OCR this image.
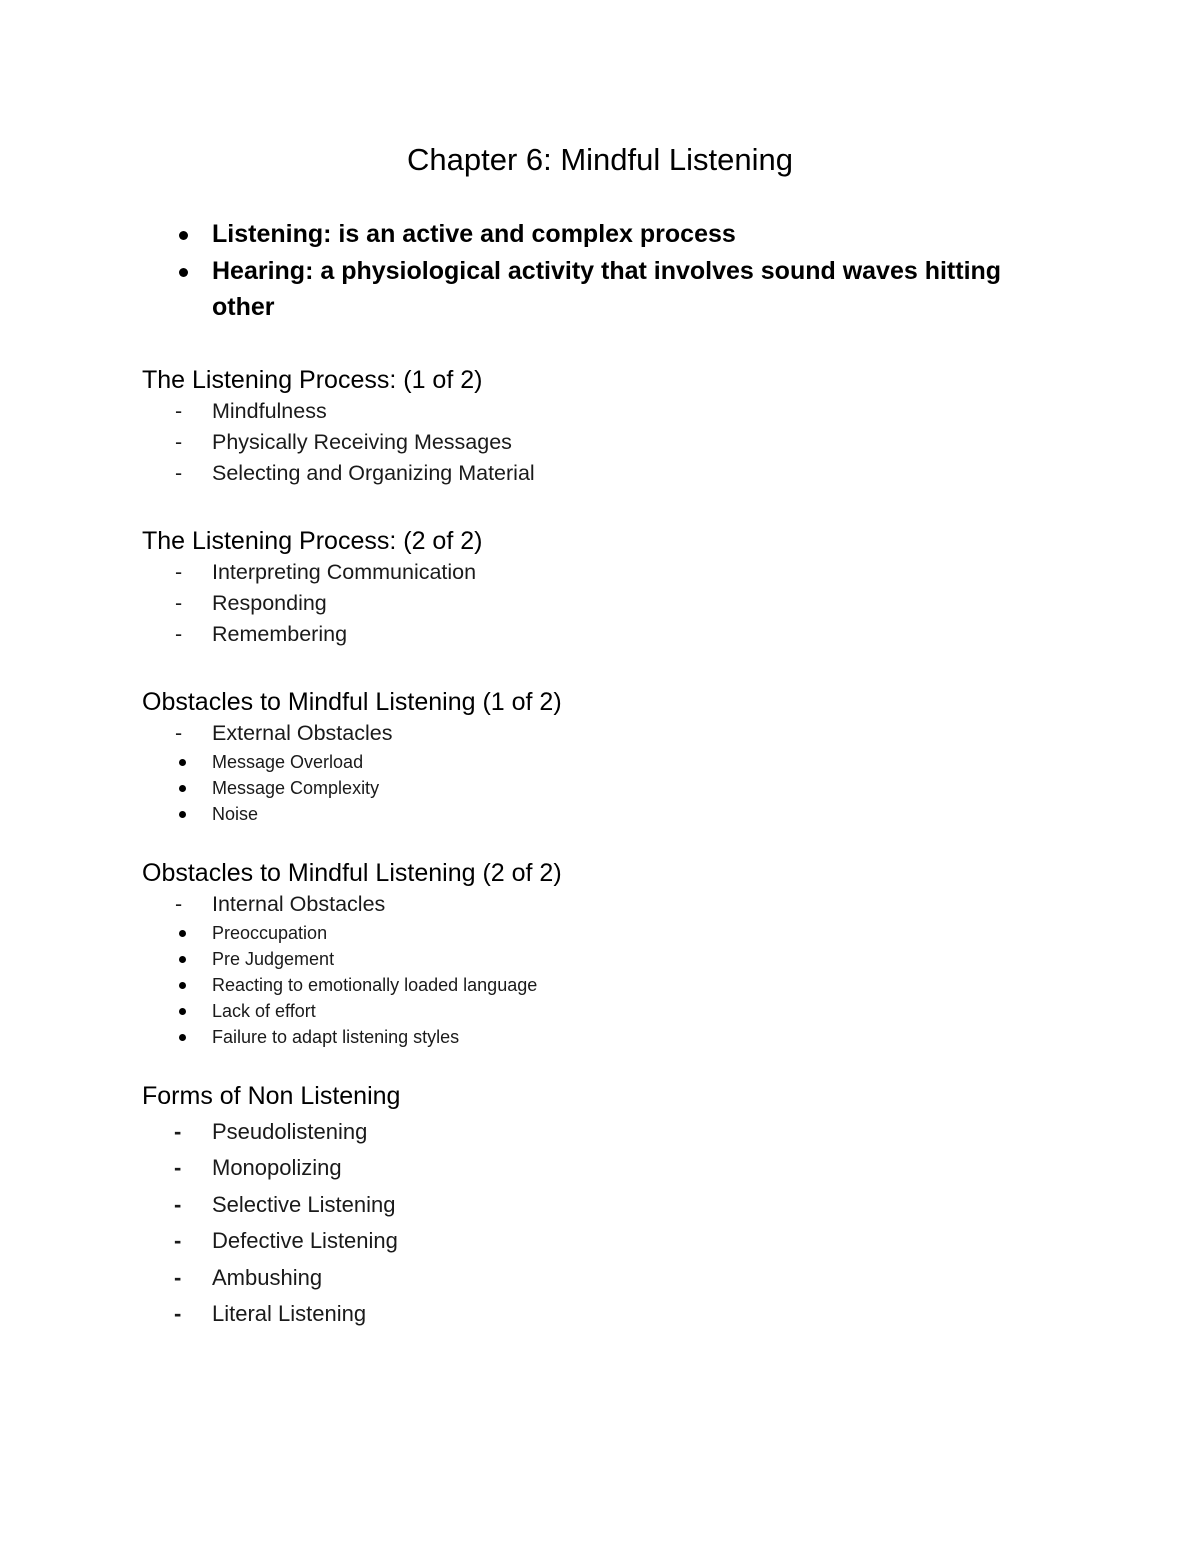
Chapter 6: Mindful Listening
Listening: is an active and complex process
Hearing: a physiological activity that involves sound waves hitting other
The Listening Process: (1 of 2)
- Mindfulness
- Physically Receiving Messages
- Selecting and Organizing Material
The Listening Process: (2 of 2)
- Interpreting Communication
- Responding
- Remembering
Obstacles to Mindful Listening (1 of 2)
- External Obstacles
Message Overload
Message Complexity
Noise
Obstacles to Mindful Listening (2 of 2)
- Internal Obstacles
Preoccupation
Pre Judgement
Reacting to emotionally loaded language
Lack of effort
Failure to adapt listening styles
Forms of Non Listening
- Pseudolistening
- Monopolizing
- Selective Listening
- Defective Listening
- Ambushing
- Literal Listening
